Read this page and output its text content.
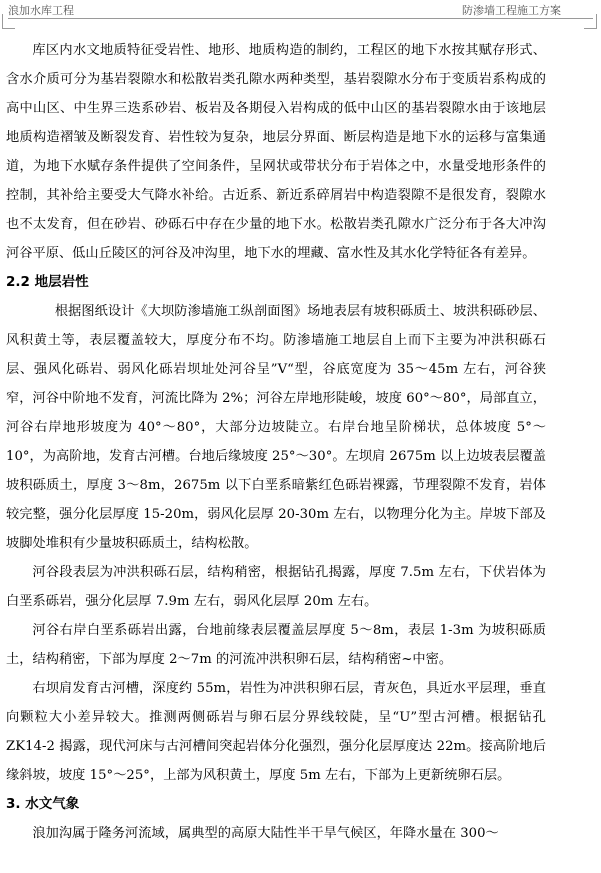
浪加水库工程	防渗墙工程施工方案

库区内水文地质特征受岩性、地形、地质构造的制约，工程区的地下水按其赋存形式、含水介质可分为基岩裂隙水和松散岩类孔隙水两种类型，基岩裂隙水分布于变质岩系构成的高中山区、中生界三迭系砂岩、板岩及各期侵入岩构成的低中山区的基岩裂隙水由于该地层地质构造褶皱及断裂发育、岩性较为复杂，地层分界面、断层构造是地下水的运移与富集通道，为地下水赋存条件提供了空间条件，呈网状或带状分布于岩体之中，水量受地形条件的控制，其补给主要受大气降水补给。古近系、新近系碎屑岩中构造裂隙不是很发育，裂隙水也不太发育，但在砂岩、砂砾石中存在少量的地下水。松散岩类孔隙水广泛分布于各大冲沟河谷平原、低山丘陵区的河谷及冲沟里，地下水的埋藏、富水性及其水化学特征各有差异。

2.2 地层岩性

根据图纸设计《大坝防渗墙施工纵剖面图》场地表层有坡积砾质土、坡洪积砾砂层、风积黄土等，表层覆盖较大，厚度分布不均。防渗墙施工地层自上而下主要为冲洪积砾石层、强风化砾岩、弱风化砾岩坝址处河谷呈”V“型，谷底宽度为 35～45m 左右，河谷狭窄，河谷中阶地不发育，河流比降为 2%；河谷左岸地形陡峻，坡度 60°～80°，局部直立，河谷右岸地形坡度为 40°～80°，大部分边坡陡立。右岸台地呈阶梯状，总体坡度 5°～10°，为高阶地，发育古河槽。台地后缘坡度 25°～30°。左坝肩 2675m 以上边坡表层覆盖坡积砾质土，厚度 3～8m，2675m 以下白垩系暗紫红色砾岩裸露，节理裂隙不发育，岩体较完整，强分化层厚度 15-20m，弱风化层厚 20-30m 左右，以物理分化为主。岸坡下部及坡脚处堆积有少量坡积砾质土，结构松散。

河谷段表层为冲洪积砾石层，结构稍密，根据钻孔揭露，厚度 7.5m 左右，下伏岩体为白垩系砾岩，强分化层厚 7.9m 左右，弱风化层厚 20m 左右。

河谷右岸白垩系砾岩出露，台地前缘表层覆盖层厚度 5～8m，表层 1-3m 为坡积砾质土，结构稍密，下部为厚度 2～7m 的河流冲洪积卵石层，结构稍密~中密。

右坝肩发育古河槽，深度约 55m，岩性为冲洪积卵石层，青灰色，具近水平层理，垂直向颗粒大小差异较大。推测两侧砾岩与卵石层分界线较陡，呈“U”型古河槽。根据钻孔 ZK14-2 揭露，现代河床与古河槽间突起岩体分化强烈，强分化层厚度达 22m。接高阶地后缘斜坡，坡度 15°～25°，上部为风积黄土，厚度 5m 左右，下部为上更新统卵石层。

3. 水文气象

浪加沟属于隆务河流域，属典型的高原大陆性半干旱气候区，年降水量在 300～
